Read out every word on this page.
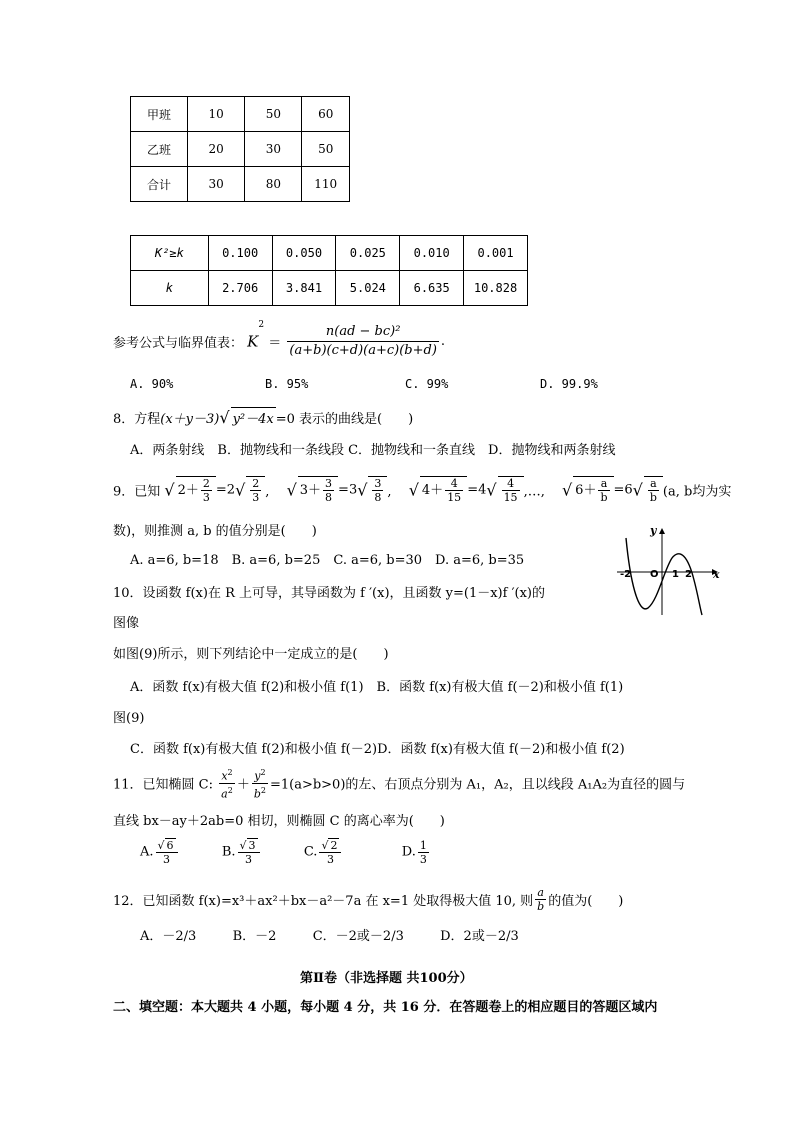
甲班	10	50	60
乙班	20	30	50
合计	30	80	110
K²≥k	0.100	0.050	0.025	0.010	0.001
k	2.706	3.841	5.024	6.635	10.828
参考公式与临界值表： $K^2 = \frac{\text{n(ad − bc)²}}{(a+b)(c+d)(a+c)(b+d)}$ .
A. 90%	B. 95%	C. 99%	D. 99.9%
8．方程(x＋y－3)√ y²－4x =0 表示的曲线是(　　)
A．两条射线　B．抛物线和一条线段 C．抛物线和一条直线　D．抛物线和两条射线
9．已知 √ $2+ \frac{2}{3} =2√ \frac{2}{3}$ ,　 √ $3+ \frac{3}{8} =3√ \frac{3}{8}$ ,　 √ $4+ \frac{4}{15} =4√ \frac{4}{15}$ ,…,　 √ $6+ \frac{a}{b} =6√ \frac{a}{b} (a$, b均为实
数)，则推测 a, b 的值分别是(　　)
A. a=6, b=18　B. a=6, b=25　C. a=6, b=30　D. a=6, b=35
y
x
-2 O 1 2
10．设函数 f(x)在 R 上可导，其导函数为 f ′(x)，且函数 y=(1－x)f ′(x)的
图像
如图(9)所示，则下列结论中一定成立的是(　　)
A．函数 f(x)有极大值 f(2)和极小值 f(1)　B．函数 f(x)有极大值 f(－2)和极小值 f(1)
图(9)
C．函数 f(x)有极大值 f(2)和极小值 f(－2)D．函数 f(x)有极大值 f(－2)和极小值 f(2)
11．已知椭圆 C: $\frac{x^2}{a^2} + \frac{y^2}{b^2} =1(a>b>0)$的左、右顶点分别为 A₁，A₂，且以线段 A₁A₂为直径的圆与
直线 bx－ay＋2ab=0 相切，则椭圆 C 的离心率为(　　)
A. $\frac{√ 6}{3}$	B. $\frac{√ 3}{3}$	C. $\frac{√ 2}{3}$	D. $\frac{1}{3}$
12．已知函数 f(x)=x³＋ax²＋bx－a²－7a 在 x=1 处取得极大值 10, 则 $\frac{a}{b}$ 的值为(　　)
A．－2/3	B．－2	C．－2或－2/3	D．2或－2/3
第Ⅱ卷（非选择题 共100分）
二、填空题：本大题共 4 小题，每小题 4 分，共 16 分．在答题卷上的相应题目的答题区域内
